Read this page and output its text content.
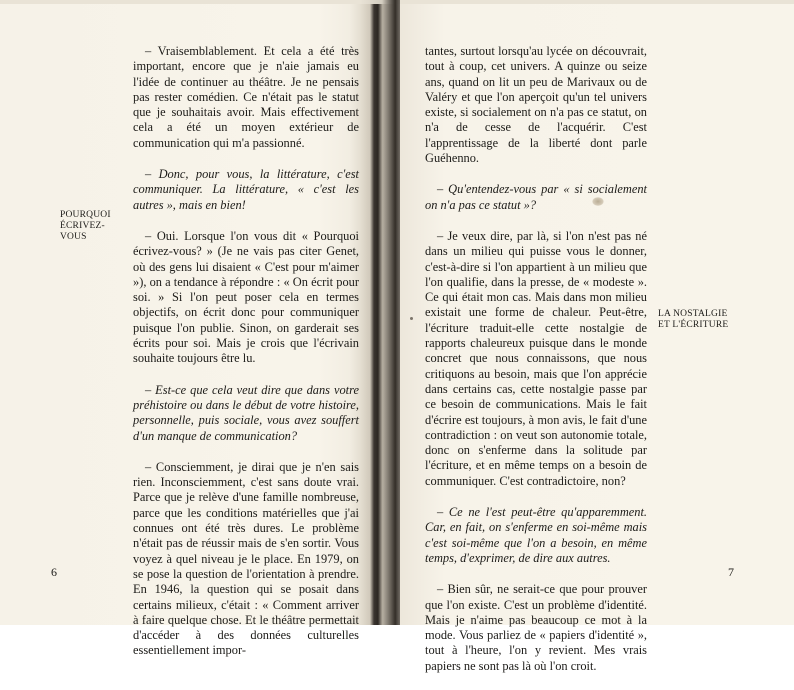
POURQUOI ÉCRIVEZ-VOUS

– Vraisemblablement. Et cela a été très important, encore que je n'aie jamais eu l'idée de continuer au théâtre. Je ne pensais pas rester comédien. Ce n'était pas le statut que je souhaitais avoir. Mais effectivement cela a été un moyen extérieur de communication qui m'a passionné.

– Donc, pour vous, la littérature, c'est communiquer. La littérature, « c'est les autres », mais en bien!

– Oui. Lorsque l'on vous dit « Pourquoi écrivez-vous? » (Je ne vais pas citer Genet, où des gens lui disaient « C'est pour m'aimer »), on a tendance à répondre : « On écrit pour soi. » Si l'on peut poser cela en termes objectifs, on écrit donc pour communiquer puisque l'on publie. Sinon, on garderait ses écrits pour soi. Mais je crois que l'écrivain souhaite toujours être lu.

– Est-ce que cela veut dire que dans votre préhistoire ou dans le début de votre histoire, personnelle, puis sociale, vous avez souffert d'un manque de communication?

– Consciemment, je dirai que je n'en sais rien. Inconsciemment, c'est sans doute vrai. Parce que je relève d'une famille nombreuse, parce que les conditions matérielles que j'ai connues ont été très dures. Le problème n'était pas de réussir mais de s'en sortir. Vous voyez à quel niveau je le place. En 1979, on se pose la question de l'orientation à prendre. En 1946, la question qui se posait dans certains milieux, c'était : « Comment arriver à faire quelque chose. Et le théâtre permettait d'accéder à des données culturelles essentiellement impor-

6

tantes, surtout lorsqu'au lycée on découvrait, tout à coup, cet univers. A quinze ou seize ans, quand on lit un peu de Marivaux ou de Valéry et que l'on aperçoit qu'un tel univers existe, si socialement on n'a pas ce statut, on n'a de cesse de l'acquérir. C'est l'apprentissage de la liberté dont parle Guéhenno.

– Qu'entendez-vous par « si socialement on n'a pas ce statut »?

– Je veux dire, par là, si l'on n'est pas né dans un milieu qui puisse vous le donner, c'est-à-dire si l'on appartient à un milieu que l'on qualifie, dans la presse, de « modeste ». Ce qui était mon cas. Mais dans mon milieu existait une forme de chaleur. Peut-être, l'écriture traduit-elle cette nostalgie de rapports chaleureux puisque dans le monde concret que nous connaissons, que nous critiquons au besoin, mais que l'on apprécie dans certains cas, cette nostalgie passe par ce besoin de communications. Mais le fait d'écrire est toujours, à mon avis, le fait d'une contradiction : on veut son autonomie totale, donc on s'enferme dans la solitude par l'écriture, et en même temps on a besoin de communiquer. C'est contradictoire, non?

– Ce ne l'est peut-être qu'apparemment. Car, en fait, on s'enferme en soi-même mais c'est soi-même que l'on a besoin, en même temps, d'exprimer, de dire aux autres.

– Bien sûr, ne serait-ce que pour prouver que l'on existe. C'est un problème d'identité. Mais je n'aime pas beaucoup ce mot à la mode. Vous parliez de « papiers d'identité », tout à l'heure, l'on y revient. Mes vrais papiers ne sont pas là où l'on croit.

LA NOSTALGIE ET L'ÉCRITURE
7
